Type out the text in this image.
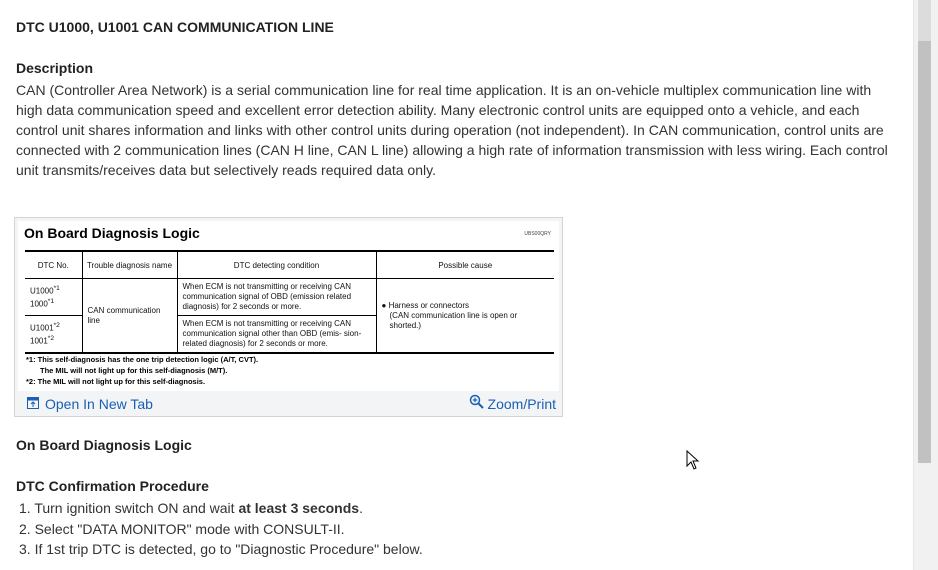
DTC U1000, U1001 CAN COMMUNICATION LINE
Description
CAN (Controller Area Network) is a serial communication line for real time application. It is an on-vehicle multiplex communication line with high data communication speed and excellent error detection ability. Many electronic control units are equipped onto a vehicle, and each control unit shares information and links with other control units during operation (not independent). In CAN communication, control units are connected with 2 communication lines (CAN H line, CAN L line) allowing a high rate of information transmission with less wiring. Each control unit transmits/receives data but selectively reads required data only.
On Board Diagnosis Logic	UBS00QRY
DTC No.	Trouble diagnosis name	DTC detecting condition	Possible cause
U1000$^{*1}$
1000$^{*1}$	CAN communication line	When ECM is not transmitting or receiving CAN communication signal of OBD (emission related diagnosis) for 2 seconds or more.	● Harness or connectors
(CAN communication line is open or shorted.)
U1001$^{*2}$
1001$^{*2}$		When ECM is not transmitting or receiving CAN communication signal other than OBD (emis- sion-related diagnosis) for 2 seconds or more.	
*1: This self-diagnosis has the one trip detection logic (A/T, CVT).
The MIL will not light up for this self-diagnosis (M/T).
*2: The MIL will not light up for this self-diagnosis.
Open In New Tab	Zoom/Print
On Board Diagnosis Logic
DTC Confirmation Procedure
1. Turn ignition switch ON and wait at least 3 seconds.
2. Select "DATA MONITOR" mode with CONSULT-II.
3. If 1st trip DTC is detected, go to "Diagnostic Procedure" below.
